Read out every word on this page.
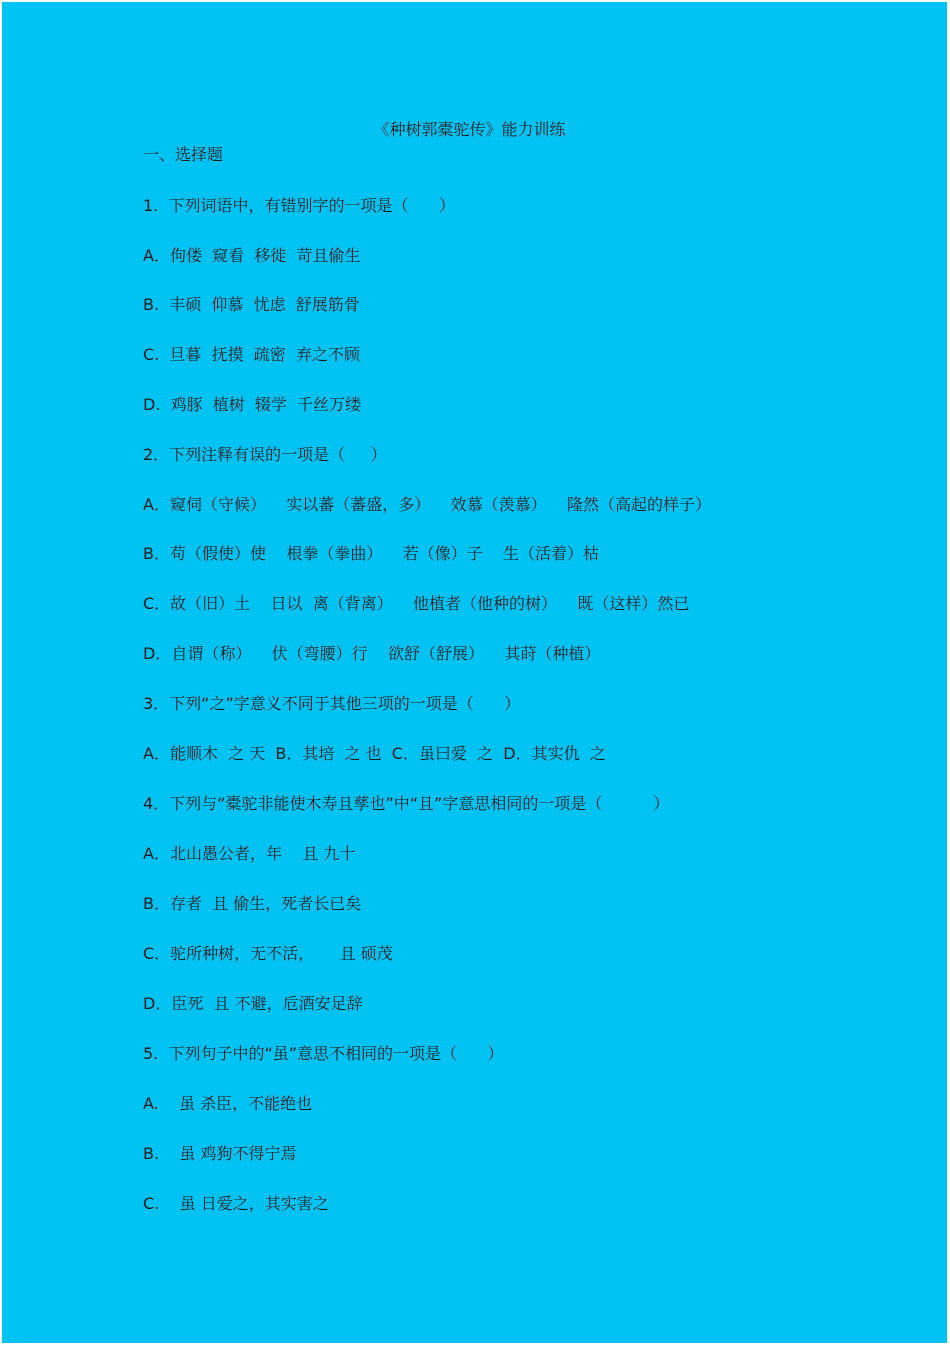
《种树郭橐驼传》能力训练
一、选择题
1.  下列词语中，有错别字的一项是（      ）
A．佝偻  窥看  移徙  苛且偷生
B.  丰硕  仰慕  忧虑  舒展筋骨
C.  旦暮  抚摸  疏密  弃之不顾
D.  鸡豚  植树  辍学  千丝万缕
2．下列注释有误的一项是（     ）
A．窥伺（守候）    实以蕃（蕃盛，多）    效慕（羡慕）    隆然（高起的样子）
B．苟（假使）使    根拳（拳曲）    若（像）子    生（活着）枯
C．故（旧）土    日以  离（背离）    他植者（他种的树）    既（这样）然已
D．自谓（称）    伏（弯腰）行    欲舒（舒展）    其莳（种植）
3．下列“之”字意义不同于其他三项的一项是（      ）
A．能顺木  之 天  B．其培  之 也  C．虽曰爱  之  D．其实仇  之
4．下列与“橐驼非能使木寿且孳也”中“且”字意思相同的一项是（          ）
A．北山愚公者，年    且 九十
B．存者  且 偷生，死者长已矣
C．驼所种树，无不活，     且 硕茂
D．臣死  且 不避，卮酒安足辞
5.  下列句子中的“虽”意思不相同的一项是（      ）
A.    虽 杀臣，不能绝也
B.    虽 鸡狗不得宁焉
C.    虽 日爱之，其实害之
